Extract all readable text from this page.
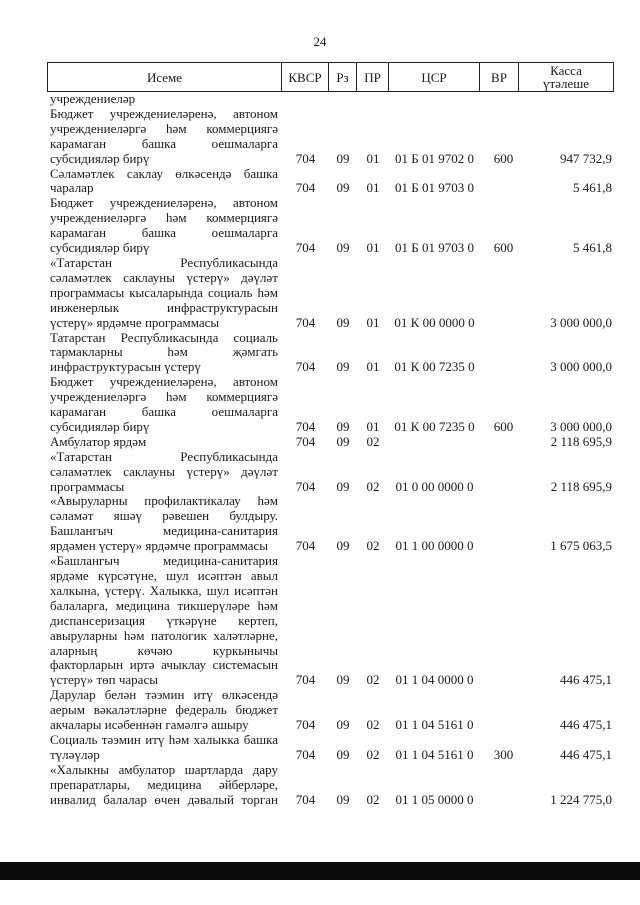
24
Исеме	КВСР	Рз	ПР	ЦСР	ВР	Касса
үтәлеше
учреждениеләр
Бюджет учреждениеләренә, автоном
учреждениеләргә һәм коммерциягә
карамаган башка оешмаларга
субсидияләр бирү	704	09	01	01 Б 01 9702 0	600	947 732,9
Сәламәтлек саклау өлкәсендә башка
чаралар	704	09	01	01 Б 01 9703 0	5 461,8
Бюджет учреждениеләренә, автоном
учреждениеләргә һәм коммерциягә
карамаган башка оешмаларга
субсидияләр бирү	704	09	01	01 Б 01 9703 0	600	5 461,8
«Татарстан Республикасында
сәламәтлек саклауны үстерү» дәүләт
программасы кысаларында социаль һәм
инженерлык инфраструктурасын
үстерү» ярдәмче программасы	704	09	01	01 К 00 0000 0	3 000 000,0
Татарстан Республикасында социаль
тармакларны һәм җәмгать
инфраструктурасын үстерү	704	09	01	01 К 00 7235 0	3 000 000,0
Бюджет учреждениеләренә, автоном
учреждениеләргә һәм коммерциягә
карамаган башка оешмаларга
субсидияләр бирү	704	09	01	01 К 00 7235 0	600	3 000 000,0
Амбулатор ярдәм	704	09	02	2 118 695,9
«Татарстан Республикасында
сәламәтлек саклауны үстерү» дәүләт
программасы	704	09	02	01 0 00 0000 0	2 118 695,9
«Авыруларны профилактикалау һәм
сәламәт яшәү рәвешен булдыру.
Башлангыч медицина-санитария
ярдәмен үстерү» ярдәмче программасы	704	09	02	01 1 00 0000 0	1 675 063,5
«Башлангыч медицина-санитария
ярдәме күрсәтүне, шул исәптән авыл
халкына, үстерү. Халыкка, шул исәптән
балаларга, медицина тикшерүләре һәм
диспансеризация үткәрүне кертеп,
авыруларны һәм патологик халәтләрне,
аларның көчәю куркынычы
факторларын иртә ачыклау системасын
үстерү» төп чарасы	704	09	02	01 1 04 0000 0	446 475,1
Дарулар белән тәэмин итү өлкәсендә
аерым вәкаләтләрне федераль бюджет
акчалары исәбеннән гамәлгә ашыру	704	09	02	01 1 04 5161 0	446 475,1
Социаль тәэмин итү һәм халыкка башка
түләүләр	704	09	02	01 1 04 5161 0	300	446 475,1
«Халыкны амбулатор шартларда дару
препаратлары, медицина әйберләре,
инвалид балалар өчен дәвалый торган	704	09	02	01 1 05 0000 0	1 224 775,0
